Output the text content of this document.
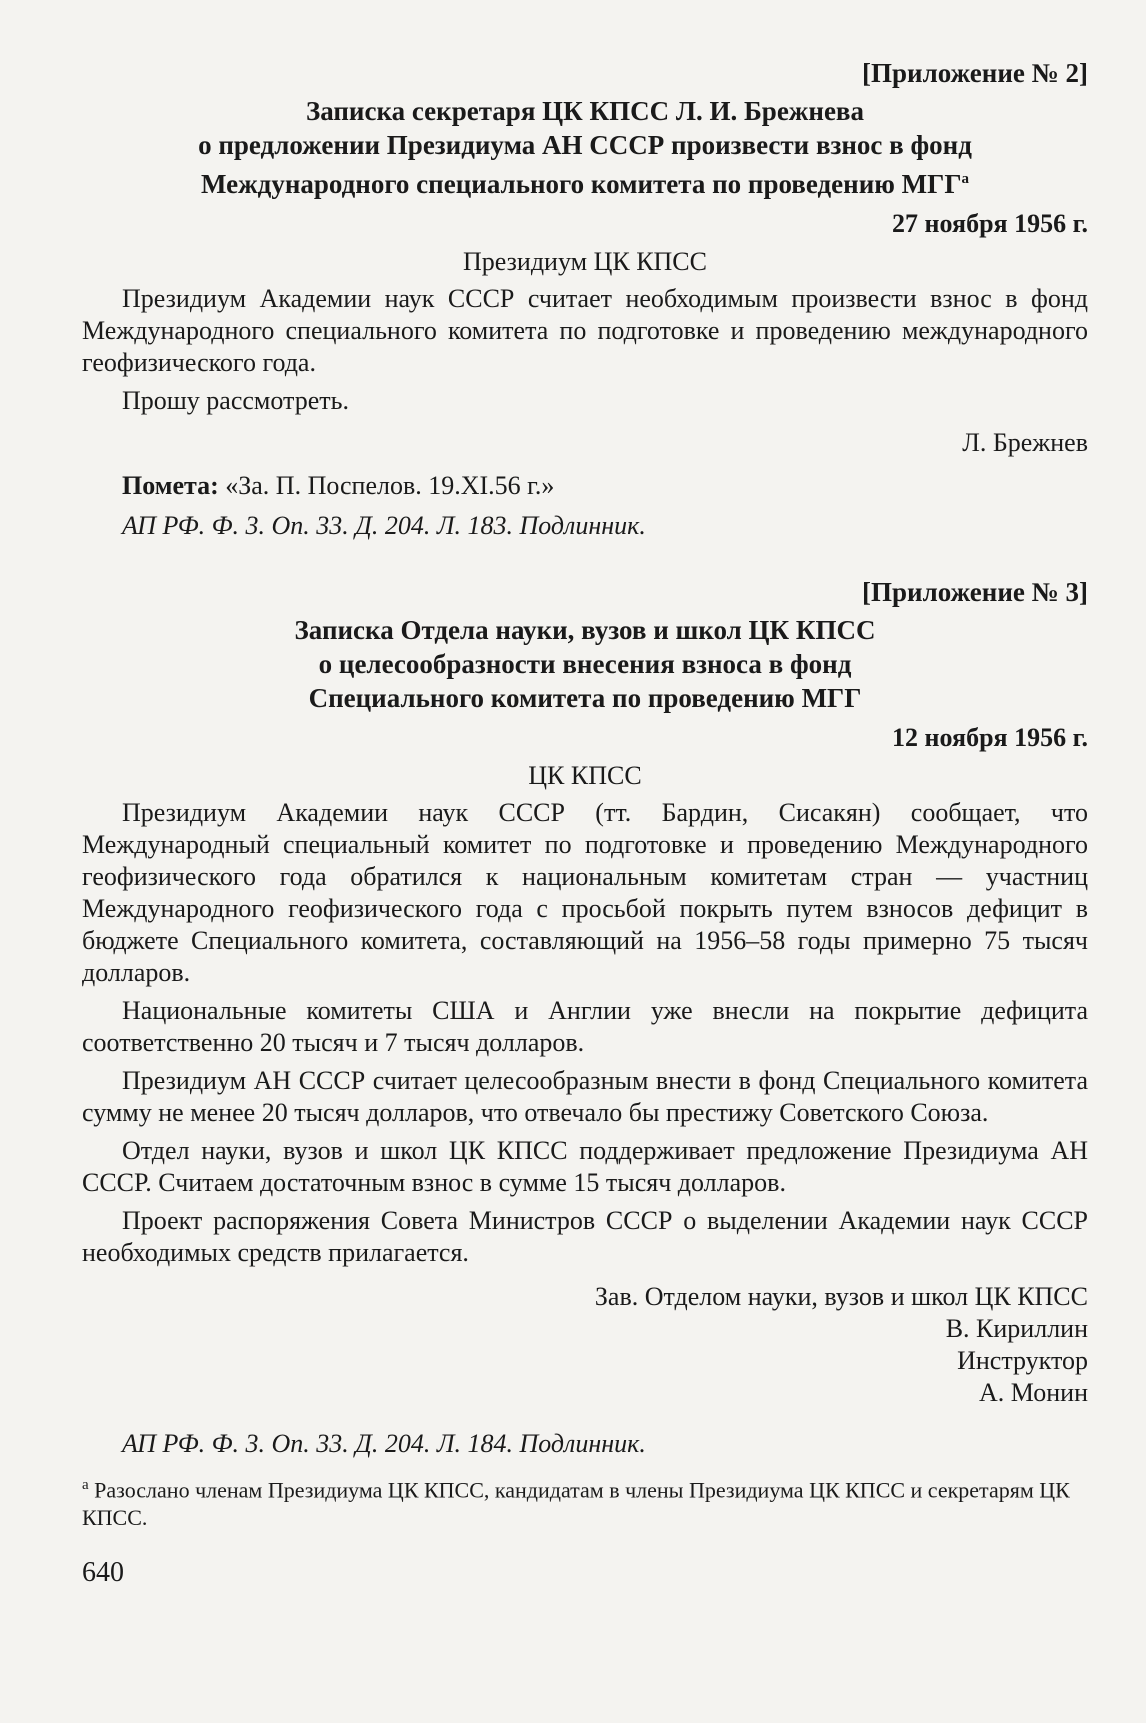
[Приложение № 2]
Записка секретаря ЦК КПСС Л. И. Брежнева
о предложении Президиума АН СССР произвести взнос в фонд
Международного специального комитета по проведению $МГГ^а$
27 ноября 1956 г.
Президиум ЦК КПСС

Президиум Академии наук СССР считает необходимым произвести взнос в фонд Международного специального комитета по подготовке и проведению международного геофизического года.

Прошу рассмотреть.

Л. Брежнев
Помета: «За. П. Поспелов. 19.XI.56 г.»
АП РФ. Ф. 3. Оп. 33. Д. 204. Л. 183. Подлинник.
[Приложение № 3]
Записка Отдела науки, вузов и школ ЦК КПСС
о целесообразности внесения взноса в фонд
Специального комитета по проведению МГГ
12 ноября 1956 г.
ЦК КПСС

Президиум Академии наук СССР (тт. Бардин, Сисакян) сообщает, что Международный специальный комитет по подготовке и проведению Международного геофизического года обратился к национальным комитетам стран — участниц Международного геофизического года с просьбой покрыть путем взносов дефицит в бюджете Специального комитета, составляющий на 1956–58 годы примерно 75 тысяч долларов.

Национальные комитеты США и Англии уже внесли на покрытие дефицита соответственно 20 тысяч и 7 тысяч долларов.

Президиум АН СССР считает целесообразным внести в фонд Специального комитета сумму не менее 20 тысяч долларов, что отвечало бы престижу Советского Союза.

Отдел науки, вузов и школ ЦК КПСС поддерживает предложение Президиума АН СССР. Считаем достаточным взнос в сумме 15 тысяч долларов.

Проект распоряжения Совета Министров СССР о выделении Академии наук СССР необходимых средств прилагается.

Зав. Отделом науки, вузов и школ ЦК КПСС
В. Кириллин
Инструктор
А. Монин
АП РФ. Ф. 3. Оп. 33. Д. 204. Л. 184. Подлинник.
$^а$ Разослано членам Президиума ЦК КПСС, кандидатам в члены Президиума ЦК КПСС и секретарям ЦК КПСС.
640
